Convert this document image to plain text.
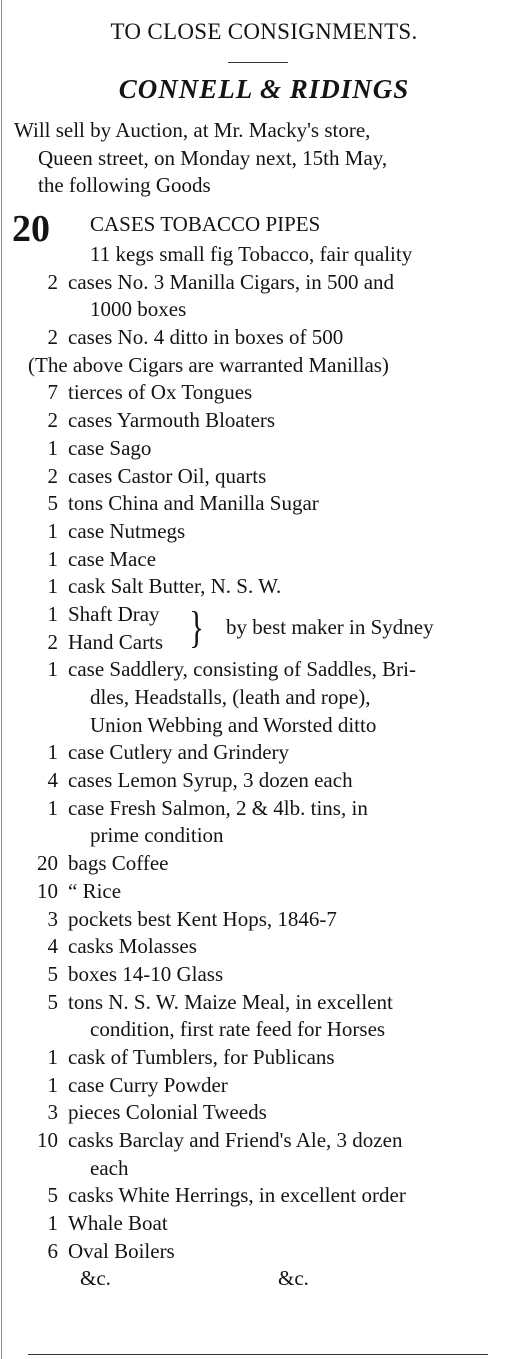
TO CLOSE CONSIGNMENTS.
CONNELL & RIDINGS
Will sell by Auction, at Mr. Macky's store,
Queen street, on Monday next, 15th May,
the following Goods
20 CASES TOBACCO PIPES
11 kegs small fig Tobacco, fair quality
2 cases No. 3 Manilla Cigars, in 500 and
1000 boxes
2 cases No. 4 ditto in boxes of 500
(The above Cigars are warranted Manillas)
7 tierces of Ox Tongues
2 cases Yarmouth Bloaters
1 case Sago
2 cases Castor Oil, quarts
5 tons China and Manilla Sugar
1 case Nutmegs
1 case Mace
1 cask Salt Butter, N. S. W.
1 Shaft Dray
2 Hand Carts } by best maker in Sydney
1 case Saddlery, consisting of Saddles, Bri-
dles, Headstalls, (leath and rope),
Union Webbing and Worsted ditto
1 case Cutlery and Grindery
4 cases Lemon Syrup, 3 dozen each
1 case Fresh Salmon, 2 & 4lb. tins, in
prime condition
20 bags Coffee
10 “ Rice
3 pockets best Kent Hops, 1846-7
4 casks Molasses
5 boxes 14-10 Glass
5 tons N. S. W. Maize Meal, in excellent
condition, first rate feed for Horses
1 cask of Tumblers, for Publicans
1 case Curry Powder
3 pieces Colonial Tweeds
10 casks Barclay and Friend's Ale, 3 dozen
each
5 casks White Herrings, in excellent order
1 Whale Boat
6 Oval Boilers
&c.	&c.
